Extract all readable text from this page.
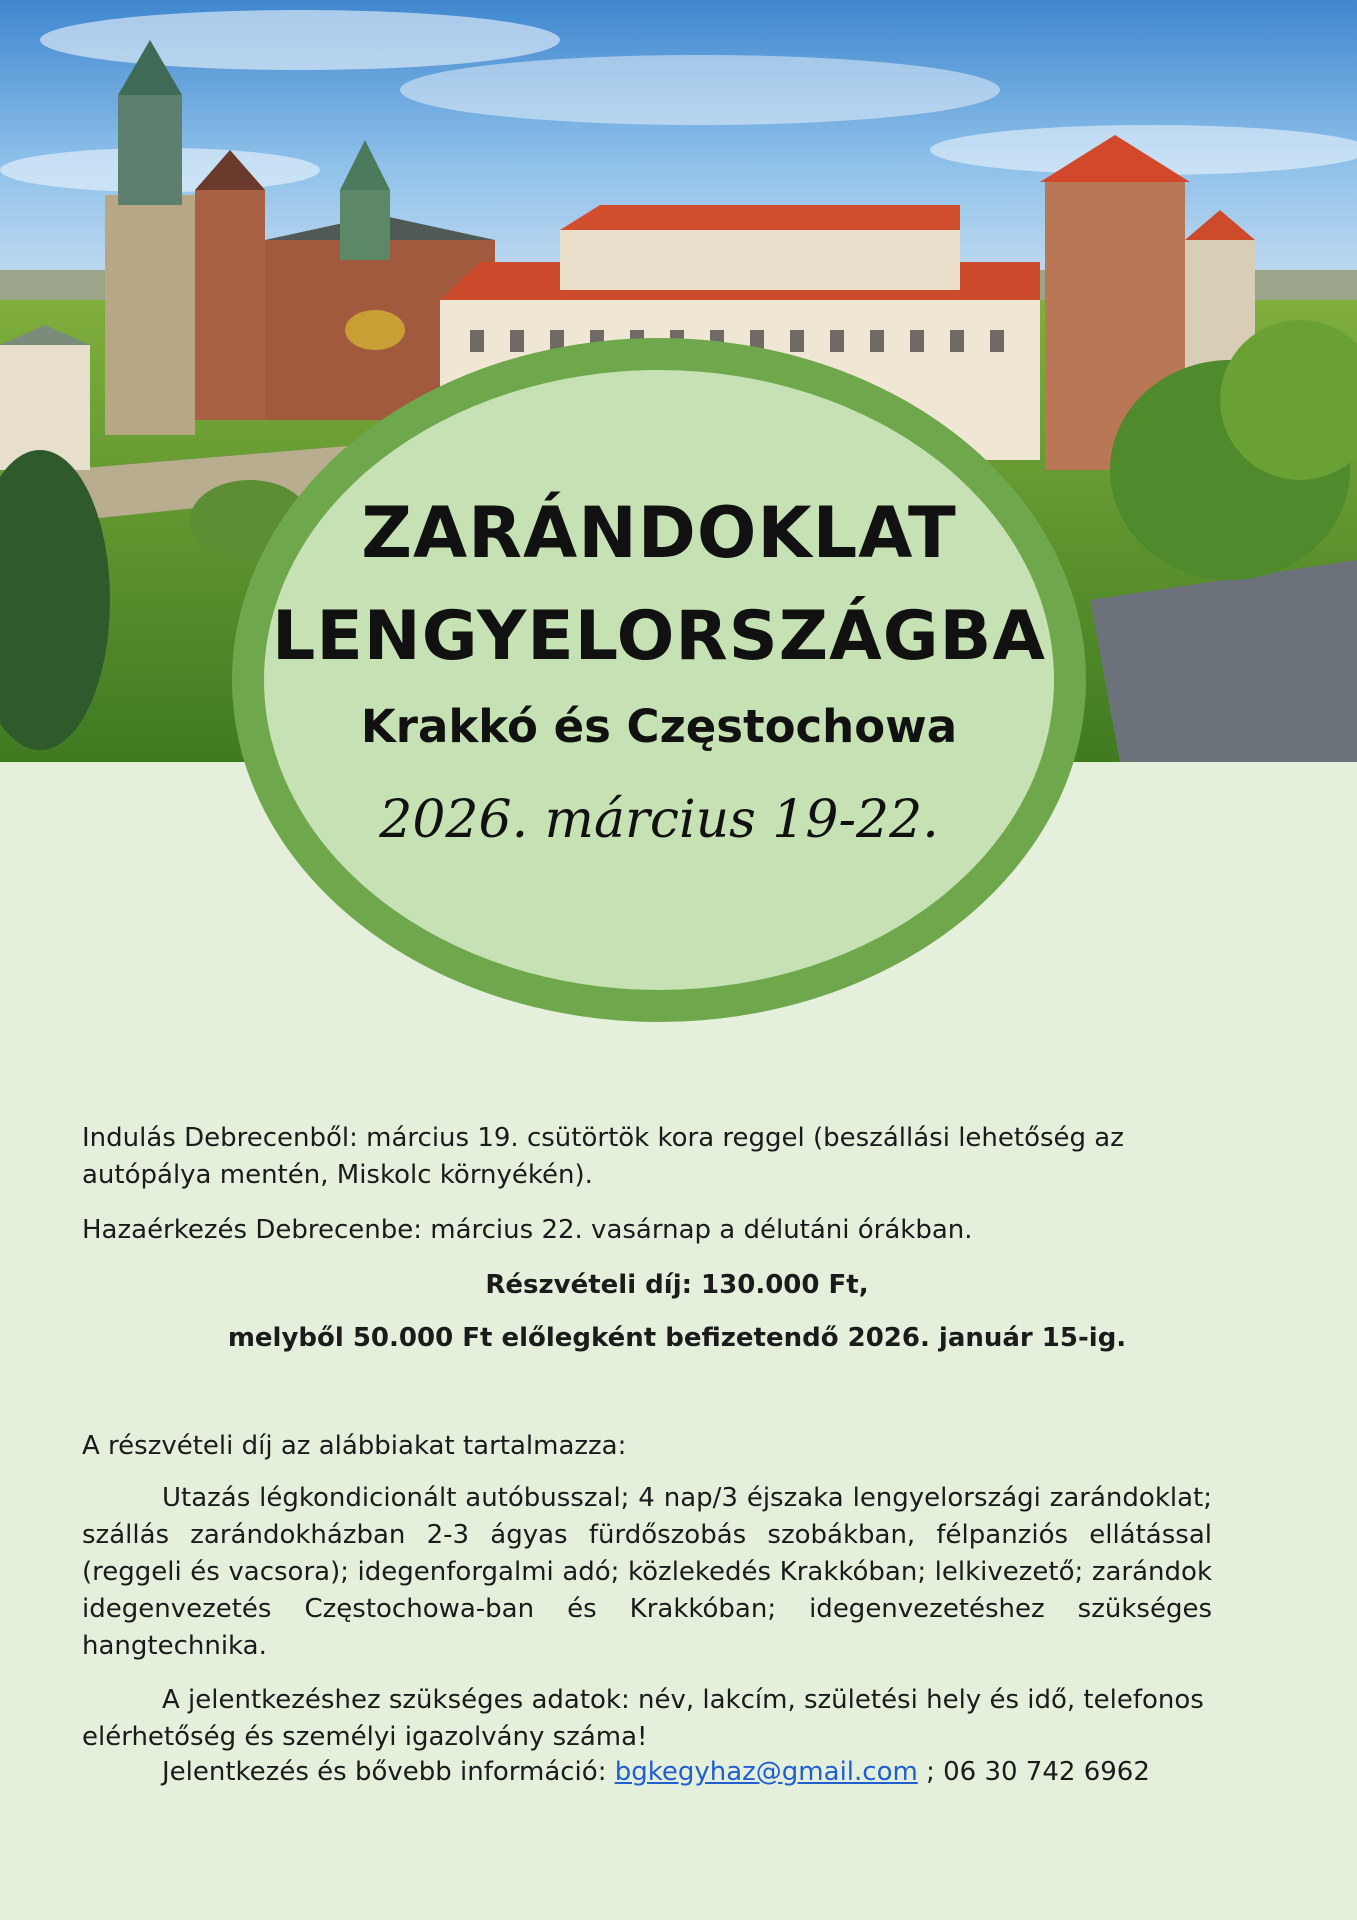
ZARÁNDOKLAT
LENGYELORSZÁGBA
Krakkó és Częstochowa
2026. március 19-22.
Indulás Debrecenből: március 19. csütörtök kora reggel (beszállási lehetőség az autópálya mentén, Miskolc környékén).
Hazaérkezés Debrecenbe: március 22. vasárnap a délutáni órákban.
Részvételi díj: 130.000 Ft,
melyből 50.000 Ft előlegként befizetendő 2026. január 15-ig.
A részvételi díj az alábbiakat tartalmazza:
Utazás légkondicionált autóbusszal; 4 nap/3 éjszaka lengyelországi zarándoklat; szállás zarándokházban 2-3 ágyas fürdőszobás szobákban, félpanziós ellátással (reggeli és vacsora); idegenforgalmi adó; közlekedés Krakkóban; lelkivezető; zarándok idegenvezetés Częstochowa-ban és Krakkóban; idegenvezetéshez szükséges hangtechnika.
A jelentkezéshez szükséges adatok: név, lakcím, születési hely és idő, telefonos elérhetőség és személyi igazolvány száma!
Jelentkezés és bővebb információ: bgkegyhaz@gmail.com ; 06 30 742 6962
